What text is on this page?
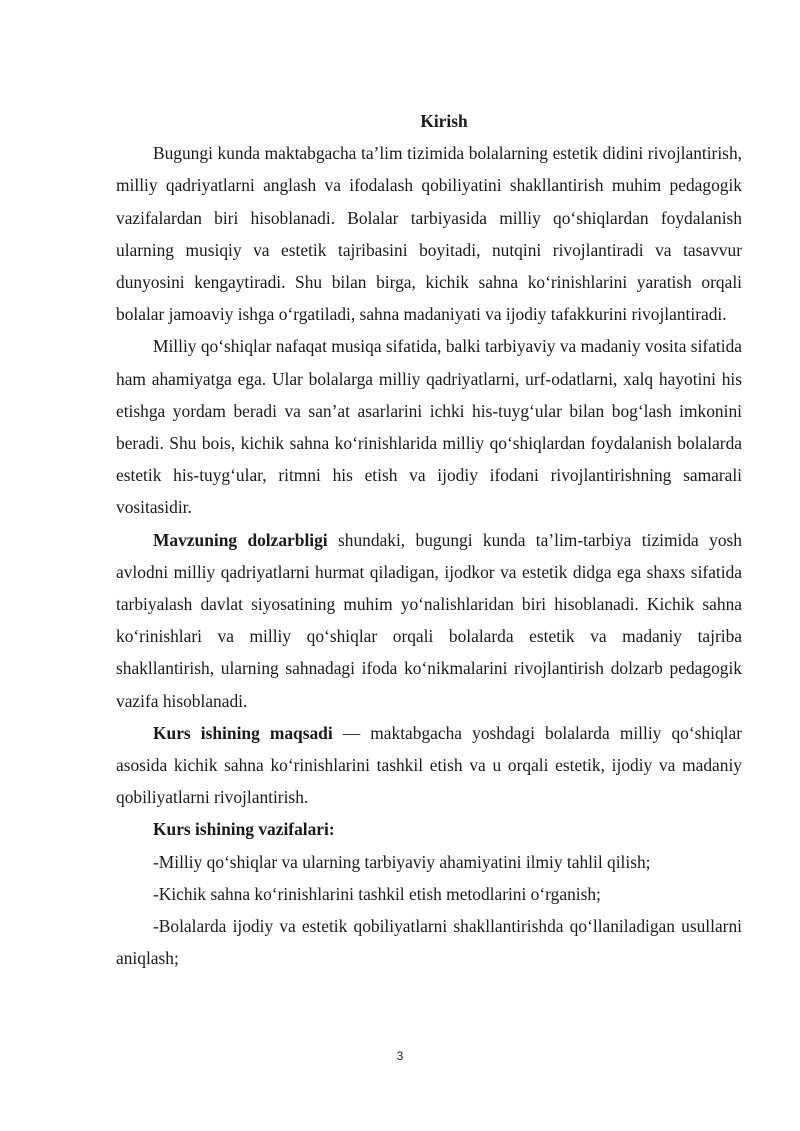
Kirish

Bugungi kunda maktabgacha ta’lim tizimida bolalarning estetik didini rivojlantirish, milliy qadriyatlarni anglash va ifodalash qobiliyatini shakllantirish muhim pedagogik vazifalardan biri hisoblanadi. Bolalar tarbiyasida milliy qo‘shiqlardan foydalanish ularning musiqiy va estetik tajribasini boyitadi, nutqini rivojlantiradi va tasavvur dunyosini kengaytiradi. Shu bilan birga, kichik sahna ko‘rinishlarini yaratish orqali bolalar jamoaviy ishga o‘rgatiladi, sahna madaniyati va ijodiy tafakkurini rivojlantiradi.

Milliy qo‘shiqlar nafaqat musiqa sifatida, balki tarbiyaviy va madaniy vosita sifatida ham ahamiyatga ega. Ular bolalarga milliy qadriyatlarni, urf-odatlarni, xalq hayotini his etishga yordam beradi va san’at asarlarini ichki his-tuyg‘ular bilan bog‘lash imkonini beradi. Shu bois, kichik sahna ko‘rinishlarida milliy qo‘shiqlardan foydalanish bolalarda estetik his-tuyg‘ular, ritmni his etish va ijodiy ifodani rivojlantirishning samarali vositasidir.

Mavzuning dolzarbligi shundaki, bugungi kunda ta’lim-tarbiya tizimida yosh avlodni milliy qadriyatlarni hurmat qiladigan, ijodkor va estetik didga ega shaxs sifatida tarbiyalash davlat siyosatining muhim yo‘nalishlaridan biri hisoblanadi. Kichik sahna ko‘rinishlari va milliy qo‘shiqlar orqali bolalarda estetik va madaniy tajriba shakllantirish, ularning sahnadagi ifoda ko‘nikmalarini rivojlantirish dolzarb pedagogik vazifa hisoblanadi.

Kurs ishining maqsadi — maktabgacha yoshdagi bolalarda milliy qo‘shiqlar asosida kichik sahna ko‘rinishlarini tashkil etish va u orqali estetik, ijodiy va madaniy qobiliyatlarni rivojlantirish.

Kurs ishining vazifalari:

-Milliy qo‘shiqlar va ularning tarbiyaviy ahamiyatini ilmiy tahlil qilish;

-Kichik sahna ko‘rinishlarini tashkil etish metodlarini o‘rganish;

-Bolalarda ijodiy va estetik qobiliyatlarni shakllantirishda qo‘llaniladigan usullarni aniqlash;

3
